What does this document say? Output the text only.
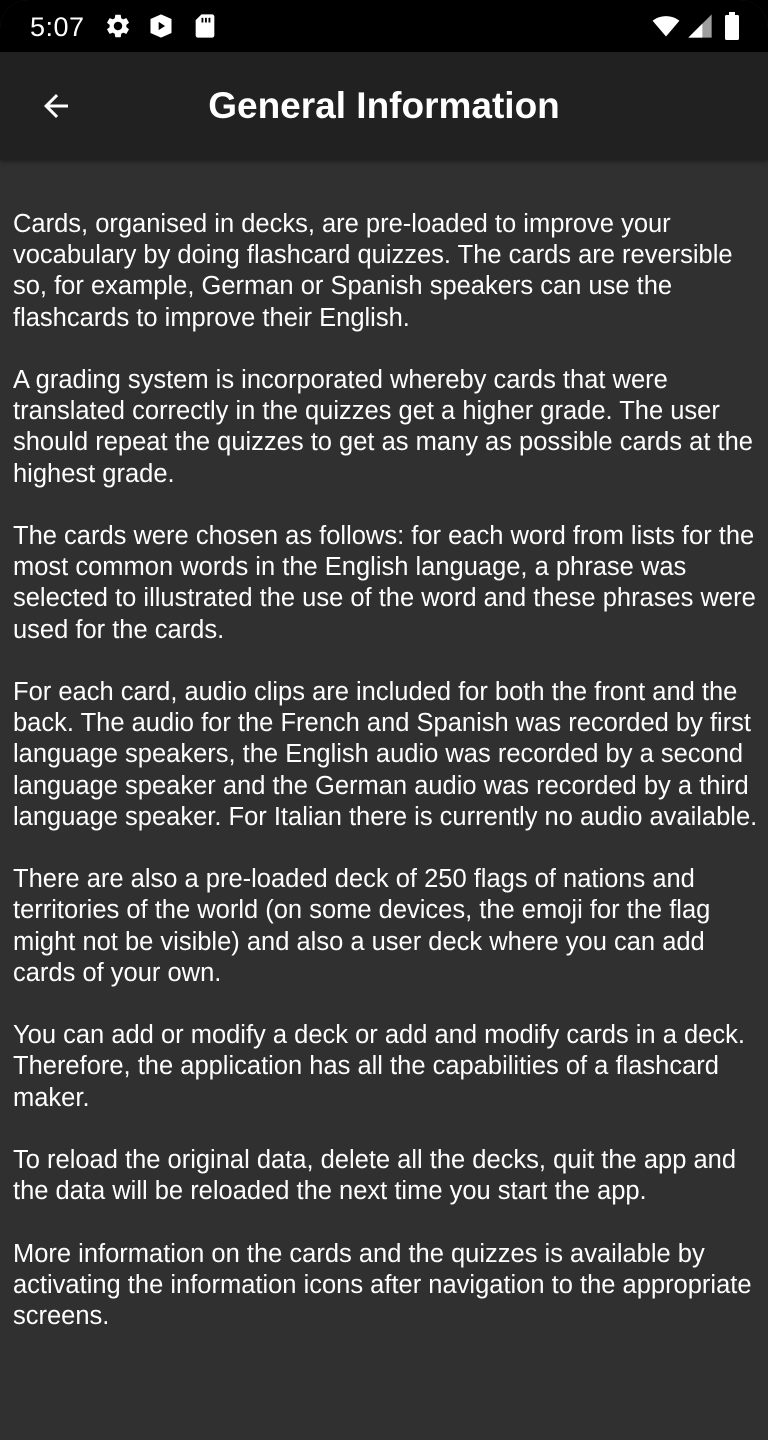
5:07
General Information

Cards, organised in decks, are pre-loaded to improve your vocabulary by doing flashcard quizzes. The cards are reversible so, for example, German or Spanish speakers can use the flashcards to improve their English.

A grading system is incorporated whereby cards that were translated correctly in the quizzes get a higher grade. The user should repeat the quizzes to get as many as possible cards at the highest grade.

The cards were chosen as follows: for each word from lists for the most common words in the English language, a phrase was selected to illustrated the use of the word and these phrases were used for the cards.

For each card, audio clips are included for both the front and the back. The audio for the French and Spanish was recorded by first language speakers, the English audio was recorded by a second language speaker and the German audio was recorded by a third language speaker. For Italian there is currently no audio available.

There are also a pre-loaded deck of 250 flags of nations and territories of the world (on some devices, the emoji for the flag might not be visible) and also a user deck where you can add cards of your own.

You can add or modify a deck or add and modify cards in a deck. Therefore, the application has all the capabilities of a flashcard maker.

To reload the original data, delete all the decks, quit the app and the data will be reloaded the next time you start the app.

More information on the cards and the quizzes is available by activating the information icons after navigation to the appropriate screens.
